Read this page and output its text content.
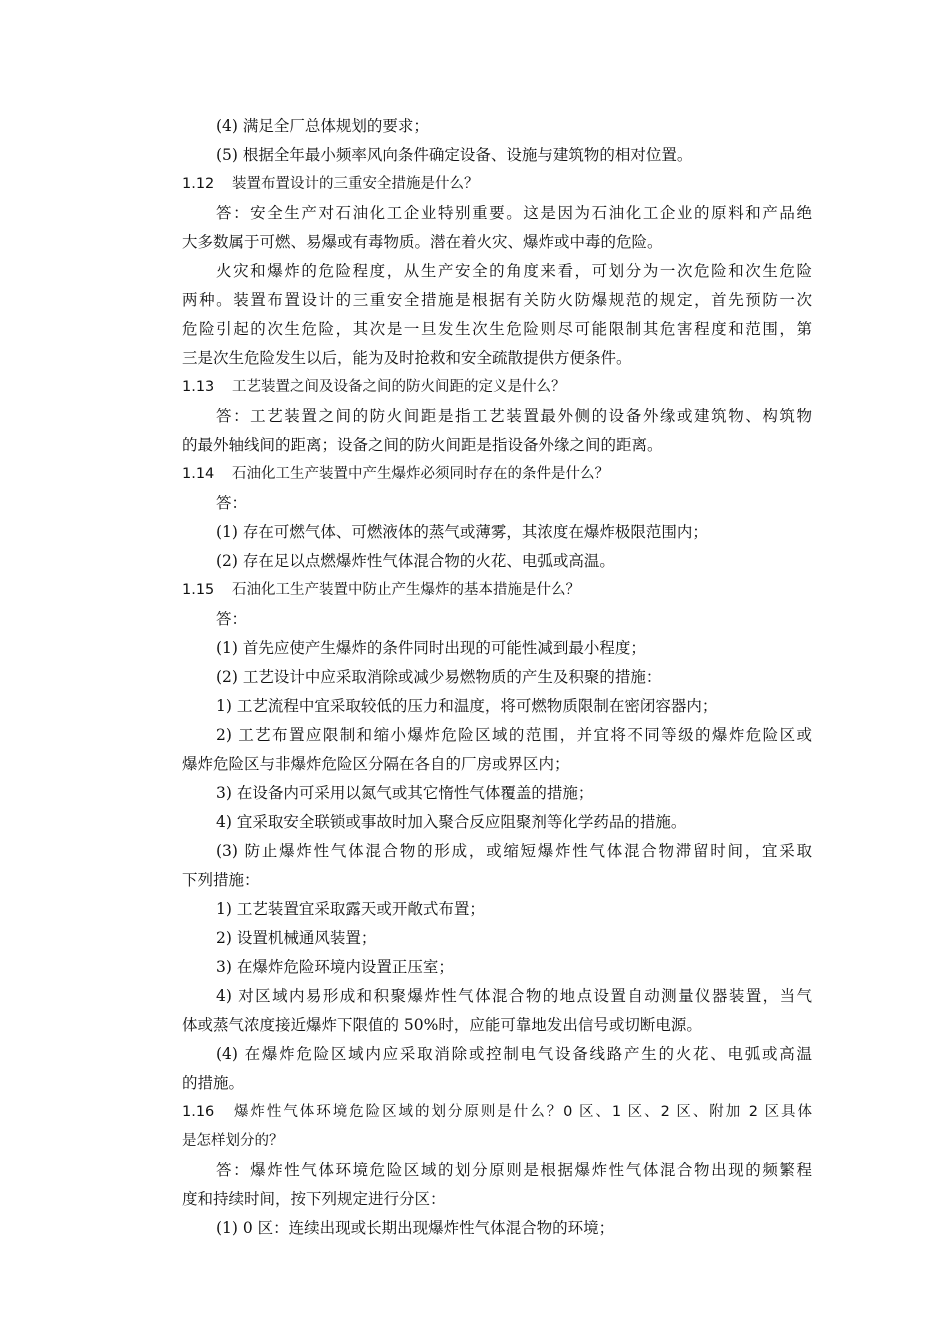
(4) 满足全厂总体规划的要求；
(5) 根据全年最小频率风向条件确定设备、设施与建筑物的相对位置。
1.12 装置布置设计的三重安全措施是什么？
答：安全生产对石油化工企业特别重要。这是因为石油化工企业的原料和产品绝
大多数属于可燃、易爆或有毒物质。潜在着火灾、爆炸或中毒的危险。
火灾和爆炸的危险程度，从生产安全的角度来看，可划分为一次危险和次生危险
两种。装置布置设计的三重安全措施是根据有关防火防爆规范的规定，首先预防一次
危险引起的次生危险，其次是一旦发生次生危险则尽可能限制其危害程度和范围，第
三是次生危险发生以后，能为及时抢救和安全疏散提供方便条件。
1.13 工艺装置之间及设备之间的防火间距的定义是什么？
答：工艺装置之间的防火间距是指工艺装置最外侧的设备外缘或建筑物、构筑物
的最外轴线间的距离；设备之间的防火间距是指设备外缘之间的距离。
1.14 石油化工生产装置中产生爆炸必须同时存在的条件是什么？
答：
(1) 存在可燃气体、可燃液体的蒸气或薄雾，其浓度在爆炸极限范围内；
(2) 存在足以点燃爆炸性气体混合物的火花、电弧或高温。
1.15 石油化工生产装置中防止产生爆炸的基本措施是什么？
答：
(1) 首先应使产生爆炸的条件同时出现的可能性减到最小程度；
(2) 工艺设计中应采取消除或减少易燃物质的产生及积聚的措施：
1) 工艺流程中宜采取较低的压力和温度，将可燃物质限制在密闭容器内；
2) 工艺布置应限制和缩小爆炸危险区域的范围，并宜将不同等级的爆炸危险区或
爆炸危险区与非爆炸危险区分隔在各自的厂房或界区内；
3) 在设备内可采用以氮气或其它惰性气体覆盖的措施；
4) 宜采取安全联锁或事故时加入聚合反应阻聚剂等化学药品的措施。
(3) 防止爆炸性气体混合物的形成，或缩短爆炸性气体混合物滞留时间，宜采取
下列措施：
1) 工艺装置宜采取露天或开敞式布置；
2) 设置机械通风装置；
3) 在爆炸危险环境内设置正压室；
4) 对区域内易形成和积聚爆炸性气体混合物的地点设置自动测量仪器装置，当气
体或蒸气浓度接近爆炸下限值的 50%时，应能可靠地发出信号或切断电源。
(4) 在爆炸危险区域内应采取消除或控制电气设备线路产生的火花、电弧或高温
的措施。
1.16 爆炸性气体环境危险区域的划分原则是什么？0 区、1 区、2 区、附加 2 区具体
是怎样划分的？
答：爆炸性气体环境危险区域的划分原则是根据爆炸性气体混合物出现的频繁程
度和持续时间，按下列规定进行分区：
(1) 0 区：连续出现或长期出现爆炸性气体混合物的环境；
